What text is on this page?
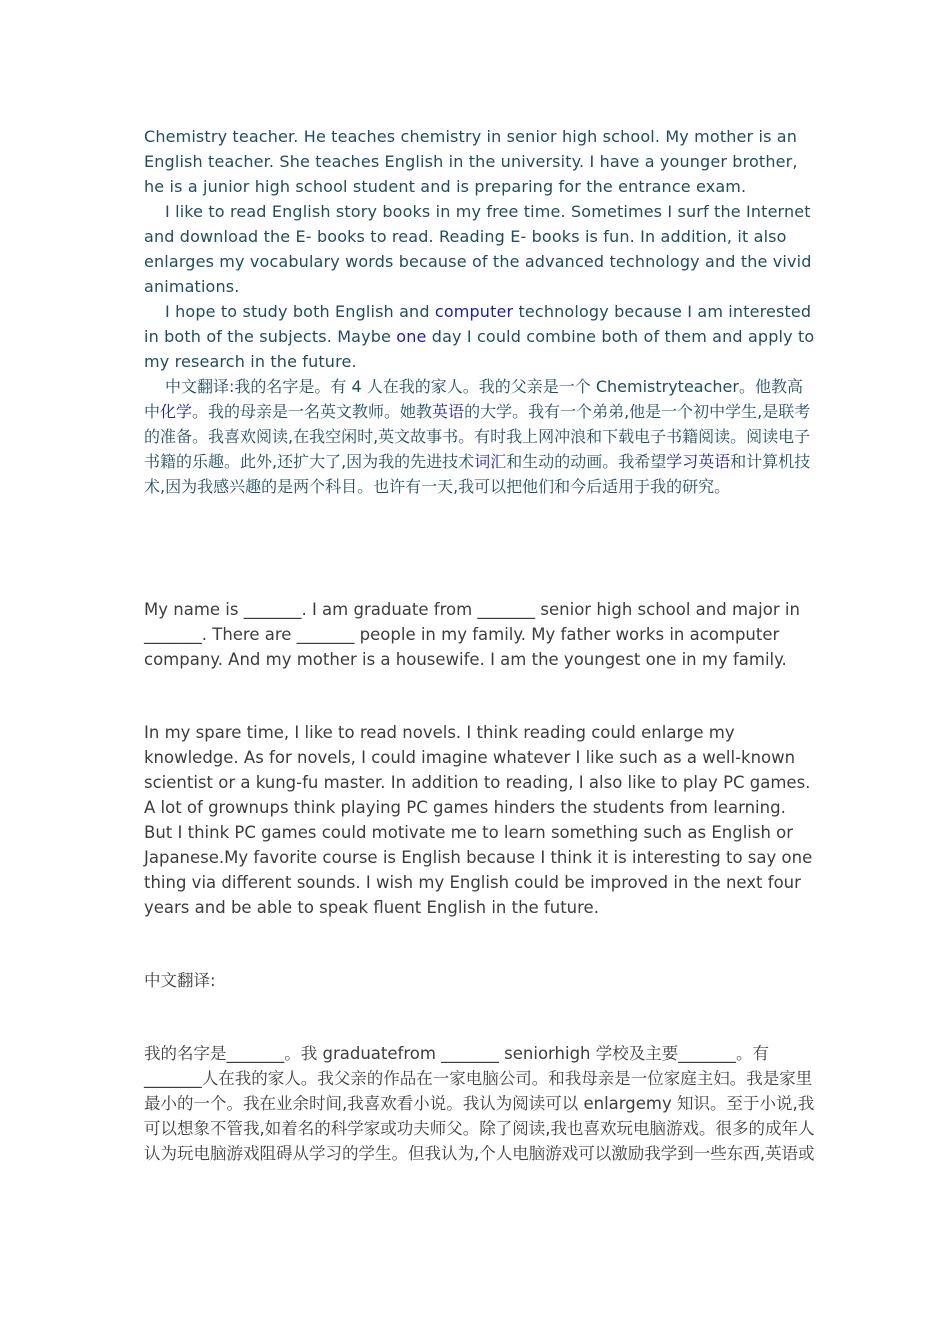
Chemistry teacher. He teaches chemistry in senior high school. My mother is an English teacher. She teaches English in the university. I have a younger brother, he is a junior high school student and is preparing for the entrance exam.

I like to read English story books in my free time. Sometimes I surf the Internet and download the E- books to read. Reading E- books is fun. In addition, it also enlarges my vocabulary words because of the advanced technology and the vivid animations.

I hope to study both English and computer technology because I am interested in both of the subjects. Maybe one day I could combine both of them and apply to my research in the future.

中文翻译:我的名字是。有 4 人在我的家人。我的父亲是一个 Chemistryteacher。他教高中化学。我的母亲是一名英文教师。她教英语的大学。我有一个弟弟,他是一个初中学生,是联考的准备。我喜欢阅读,在我空闲时,英文故事书。有时我上网冲浪和下载电子书籍阅读。阅读电子书籍的乐趣。此外,还扩大了,因为我的先进技术词汇和生动的动画。我希望学习英语和计算机技术,因为我感兴趣的是两个科目。也许有一天,我可以把他们和今后适用于我的研究。

My name is _______. I am graduate from _______ senior high school and major in _______. There are _______ people in my family. My father works in acomputer company. And my mother is a housewife. I am the youngest one in my family.

In my spare time, I like to read novels. I think reading could enlarge my knowledge. As for novels, I could imagine whatever I like such as a well-known scientist or a kung-fu master. In addition to reading, I also like to play PC games. A lot of grownups think playing PC games hinders the students from learning. But I think PC games could motivate me to learn something such as English or Japanese.My favorite course is English because I think it is interesting to say one thing via different sounds. I wish my English could be improved in the next four years and be able to speak fluent English in the future.

中文翻译:

我的名字是_______。我 graduatefrom _______ seniorhigh 学校及主要_______。有_______人在我的家人。我父亲的作品在一家电脑公司。和我母亲是一位家庭主妇。我是家里最小的一个。我在业余时间,我喜欢看小说。我认为阅读可以 enlargemy 知识。至于小说,我可以想象不管我,如着名的科学家或功夫师父。除了阅读,我也喜欢玩电脑游戏。很多的成年人认为玩电脑游戏阻碍从学习的学生。但我认为,个人电脑游戏可以激励我学到一些东西,英语或
